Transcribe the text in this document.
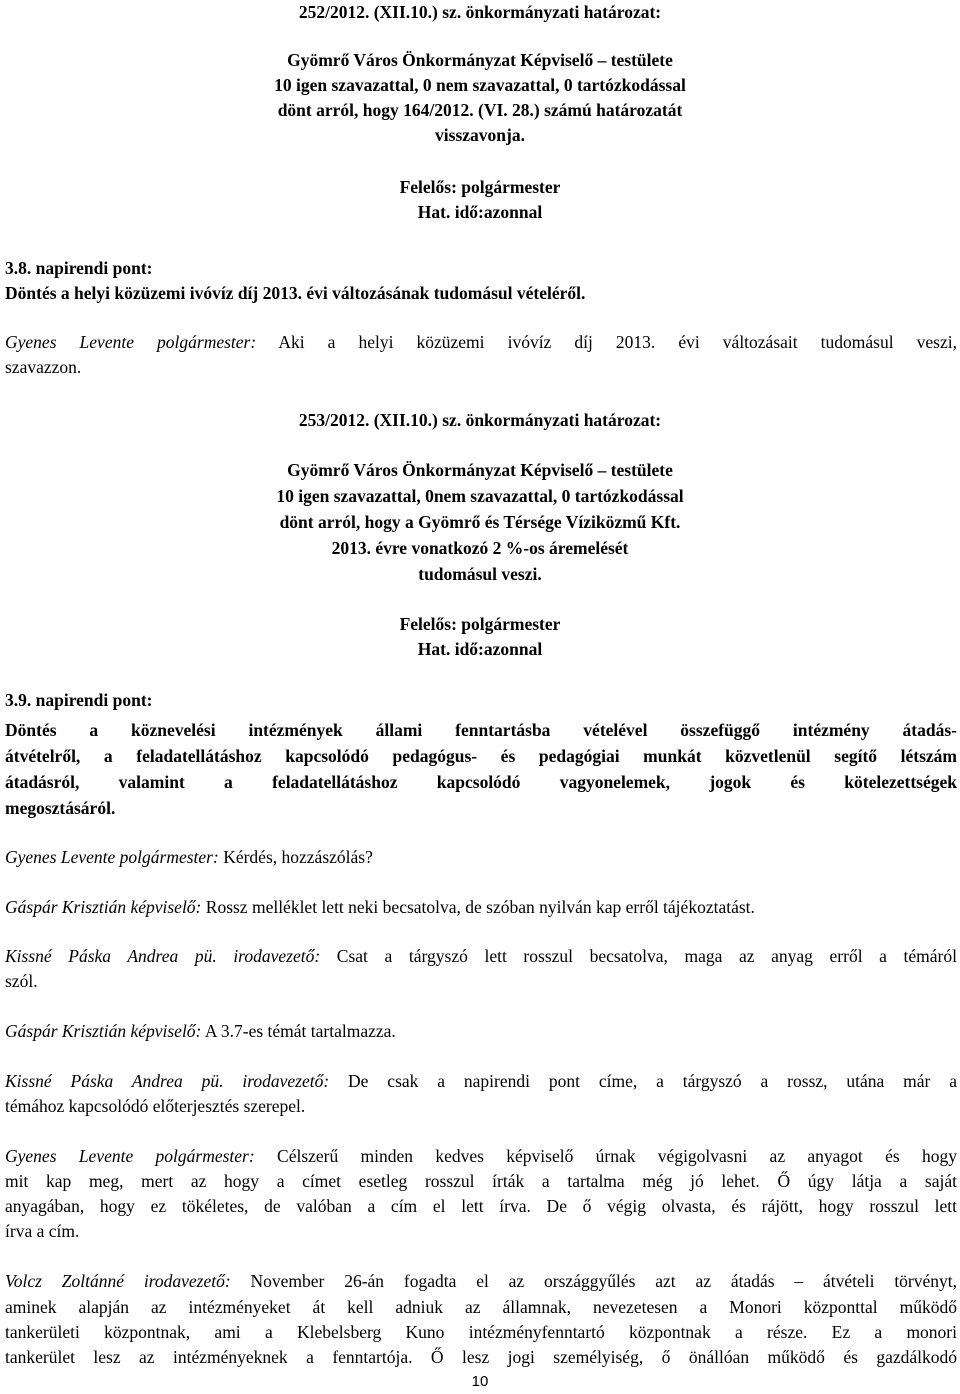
252/2012. (XII.10.) sz. önkormányzati határozat:
Gyömrő Város Önkormányzat Képviselő – testülete
10 igen szavazattal, 0 nem szavazattal, 0 tartózkodással
dönt arról, hogy 164/2012. (VI. 28.) számú határozatát
visszavonja.
Felelős: polgármester
Hat. idő:azonnal
3.8. napirendi pont:
Döntés a helyi közüzemi ivóvíz díj 2013. évi változásának tudomásul vételéről.
Gyenes Levente polgármester: Aki a helyi közüzemi ivóvíz díj 2013. évi változásait tudomásul veszi,
szavazzon.
253/2012. (XII.10.) sz. önkormányzati határozat:
Gyömrő Város Önkormányzat Képviselő – testülete
10 igen szavazattal, 0nem szavazattal, 0 tartózkodással
dönt arról, hogy a Gyömrő és Térsége Víziközmű Kft.
2013. évre vonatkozó 2 %-os áremelését
tudomásul veszi.
Felelős: polgármester
Hat. idő:azonnal
3.9. napirendi pont:
Döntés a köznevelési intézmények állami fenntartásba vételével összefüggő intézmény átadás-
átvételről, a feladatellátáshoz kapcsolódó pedagógus- és pedagógiai munkát közvetlenül segítő létszám
átadásról, valamint a feladatellátáshoz kapcsolódó vagyonelemek, jogok és kötelezettségek
megosztásáról.
Gyenes Levente polgármester: Kérdés, hozzászólás?
Gáspár Krisztián képviselő: Rossz melléklet lett neki becsatolva, de szóban nyilván kap erről tájékoztatást.
Kissné Páska Andrea pü. irodavezető: Csat a tárgyszó lett rosszul becsatolva, maga az anyag erről a témáról
szól.
Gáspár Krisztián képviselő: A 3.7-es témát tartalmazza.
Kissné Páska Andrea pü. irodavezető: De csak a napirendi pont címe, a tárgyszó a rossz, utána már a
témához kapcsolódó előterjesztés szerepel.
Gyenes Levente polgármester: Célszerű minden kedves képviselő úrnak végigolvasni az anyagot és hogy
mit kap meg, mert az hogy a címet esetleg rosszul írták a tartalma még jó lehet. Ő úgy látja a saját
anyagában, hogy ez tökéletes, de valóban a cím el lett írva. De ő végig olvasta, és rájött, hogy rosszul lett
írva a cím.
Volcz Zoltánné irodavezető: November 26-án fogadta el az országgyűlés azt az átadás – átvételi törvényt,
aminek alapján az intézményeket át kell adniuk az államnak, nevezetesen a Monori központtal működő
tankerületi központnak, ami a Klebelsberg Kuno intézményfenntartó központnak a része. Ez a monori
tankerület lesz az intézményeknek a fenntartója. Ő lesz jogi személyiség, ő önállóan működő és gazdálkodó
10
